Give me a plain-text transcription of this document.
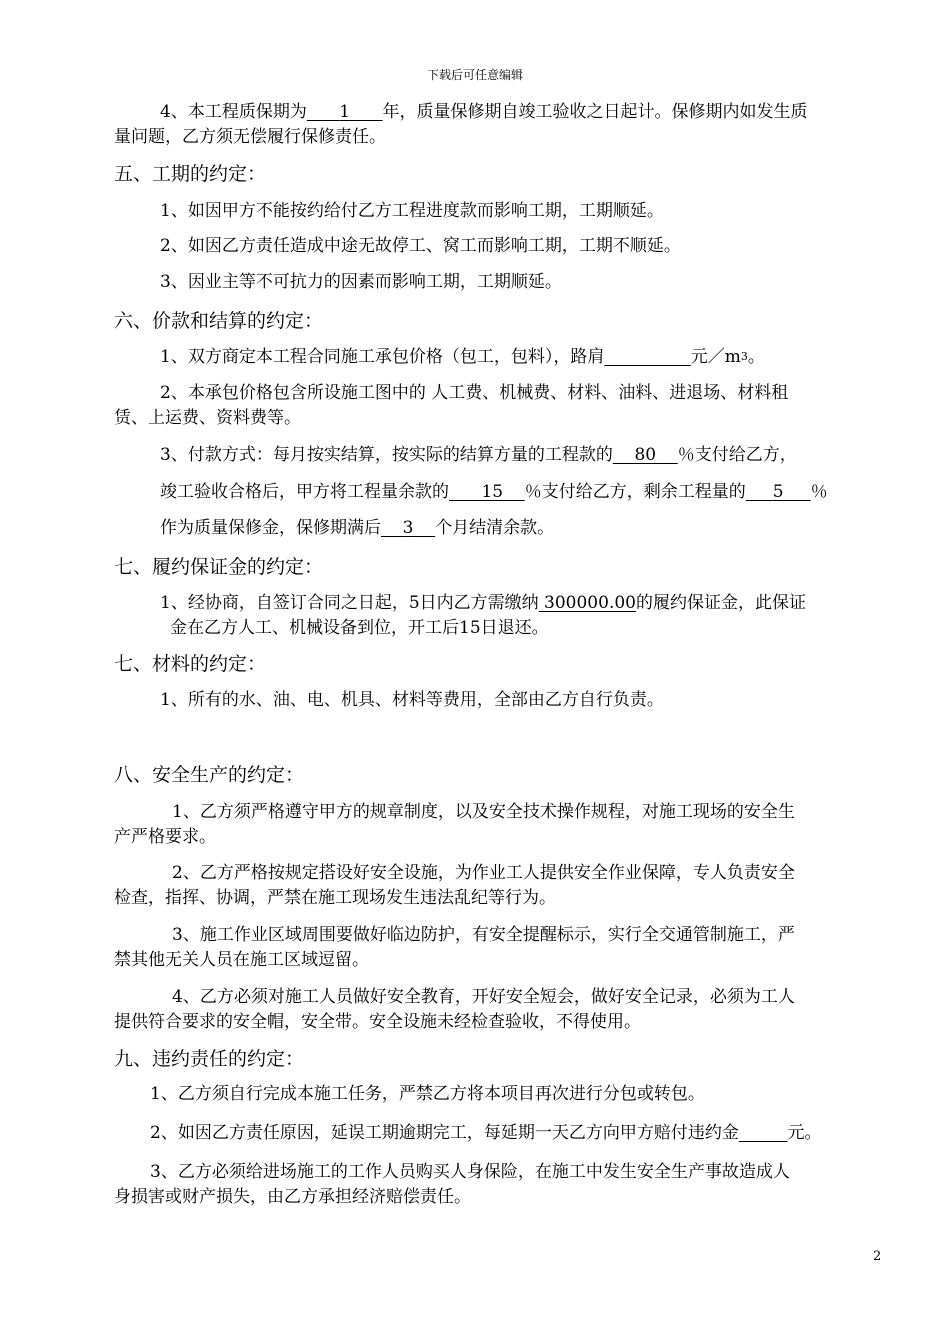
下载后可任意编辑
4、本工程质保期为 1 年，质量保修期自竣工验收之日起计。保修期内如发生质
量问题，乙方须无偿履行保修责任。
五、工期的约定：
1、如因甲方不能按约给付乙方工程进度款而影响工期，工期顺延。
2、如因乙方责任造成中途无故停工、窝工而影响工期，工期不顺延。
3、因业主等不可抗力的因素而影响工期，工期顺延。
六、价款和结算的约定：
1、双方商定本工程合同施工承包价格（包工，包料），路肩	元$/m^3$。
2、本承包价格包含所设施工图中的 人工费、机械费、材料、油料、进退场、材料租
赁、上运费、资料费等。
3、付款方式：每月按实结算，按实际的结算方量的工程款的 80 ％支付给乙方，
竣工验收合格后，甲方将工程量余款的 15 ％支付给乙方，剩余工程量的 5 ％
作为质量保修金，保修期满后 3 个月结清余款。
七、履约保证金的约定：
1、经协商，自签订合同之日起，5日内乙方需缴纳 300000.00的履约保证金，此保证
金在乙方人工、机械设备到位，开工后15日退还。
七、材料的约定：
1、所有的水、油、电、机具、材料等费用，全部由乙方自行负责。
八、安全生产的约定：
1、乙方须严格遵守甲方的规章制度，以及安全技术操作规程，对施工现场的安全生
产严格要求。
2、乙方严格按规定搭设好安全设施，为作业工人提供安全作业保障，专人负责安全
检查，指挥、协调，严禁在施工现场发生违法乱纪等行为。
3、施工作业区域周围要做好临边防护，有安全提醒标示，实行全交通管制施工，严
禁其他无关人员在施工区域逗留。
4、乙方必须对施工人员做好安全教育，开好安全短会，做好安全记录，必须为工人
提供符合要求的安全帽，安全带。安全设施未经检查验收，不得使用。
九、违约责任的约定：
1、乙方须自行完成本施工任务，严禁乙方将本项目再次进行分包或转包。
2、如因乙方责任原因，延误工期逾期完工，每延期一天乙方向甲方赔付违约金	元。
3、乙方必须给进场施工的工作人员购买人身保险，在施工中发生安全生产事故造成人
身损害或财产损失，由乙方承担经济赔偿责任。
2
